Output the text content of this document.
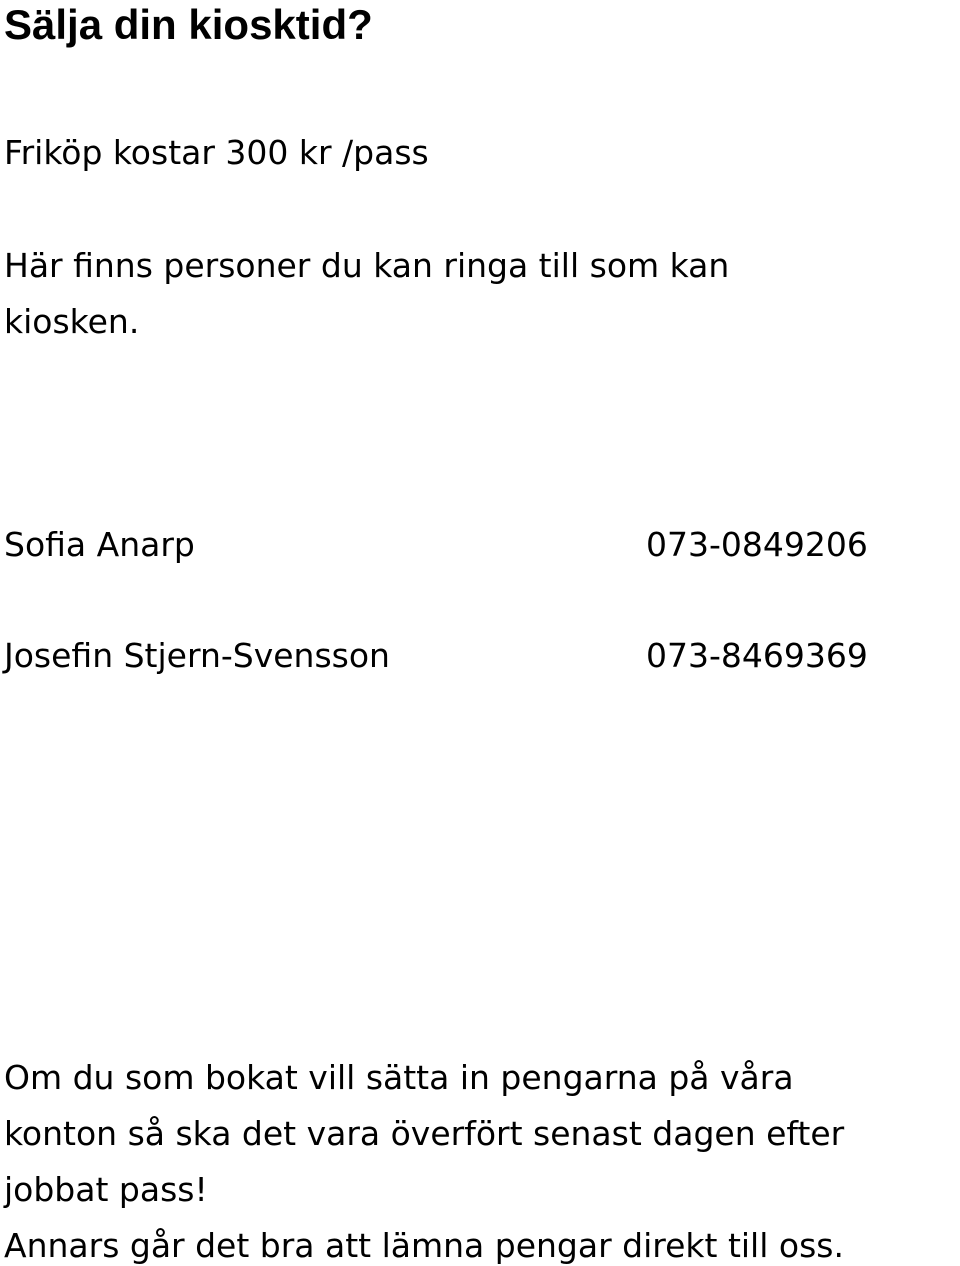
Sälja din kiosktid?

Friköp kostar 300 kr /pass

Här finns personer du kan ringa till som kan

kiosken.

Sofia Anarp	073-0849206
Josefin Stjern-Svensson	073-8469369

Om du som bokat vill sätta in pengarna på våra

konton så ska det vara överfört senast dagen efter

jobbat pass!

Annars går det bra att lämna pengar direkt till oss.
